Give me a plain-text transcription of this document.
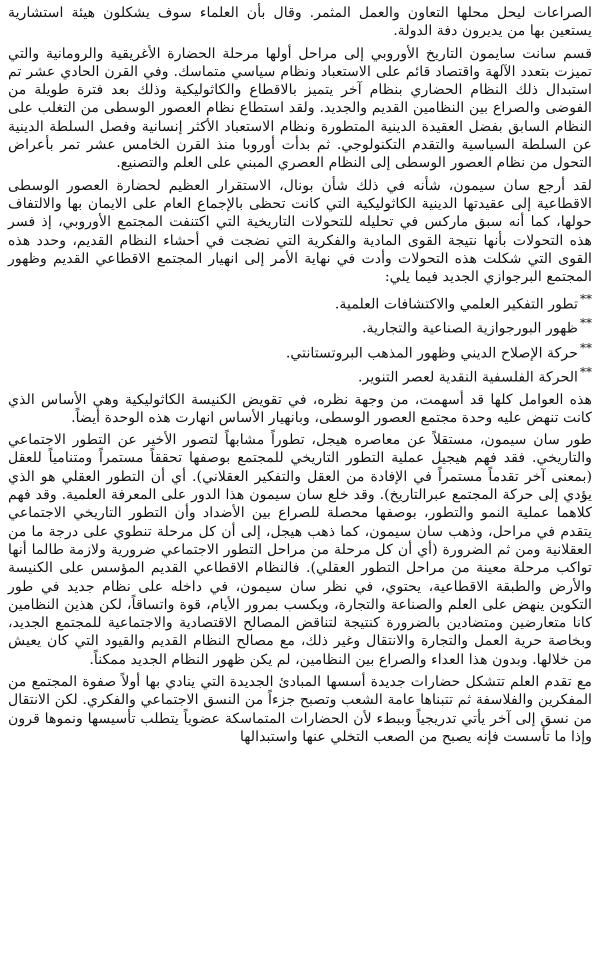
الصراعات ليحل محلها التعاون والعمل المثمر. وقال بأن العلماء سوف يشكلون هيئة استشارية يستعين بها من يديرون دفة الدولة.

قسم سانت سايمون التاريخ الأوروبي إلى مراحل أولها مرحلة الحضارة الأغريقية والرومانية والتي تميزت بتعدد الآلهة واقتصاد قائم على الاستعباد ونظام سياسي متماسك. وفي القرن الحادي عشر تم استبدال ذلك النظام الحضاري بنظام آخر يتميز بالاقطاع والكاثوليكية وذلك بعد فترة طويلة من الفوضى والصراع بين النظامين القديم والجديد. ولقد استطاع نظام العصور الوسطى من التغلب على النظام السابق بفضل العقيدة الدينية المتطورة ونظام الاستعباد الأكثر إنسانية وفصل السلطة الدينية عن السلطة السياسية والتقدم التكنولوجي. ثم بدأت أوروبا منذ القرن الخامس عشر تمر بأعراض التحول من نظام العصور الوسطى إلى النظام العصري المبني على العلم والتصنيع.

لقد أرجع سان سيمون، شأنه في ذلك شأن بونال، الاستقرار العظيم لحضارة العصور الوسطى الاقطاعية إلى عقيدتها الدينية الكاثوليكية التي كانت تحظى بالإجماع العام على الايمان بها والالتفاف حولها، كما أنه سبق ماركس في تحليله للتحولات التاريخية التي اكتنفت المجتمع الأوروبي، إذ فسر هذه التحولات بأنها نتيجة القوى المادية والفكرية التي نضجت في أحشاء النظام القديم، وحدد هذه القوى التي شكلت هذه التحولات وأدت في نهاية الأمر إلى انهيار المجتمع الاقطاعي القديم وظهور المجتمع البرجوازي الجديد فيما يلي:

**تطور التفكير العلمي والاكتشافات العلمية.
**ظهور البورجوازية الصناعية والتجارية.
**حركة الإصلاح الديني وظهور المذهب البروتستانتي.
**الحركة الفلسفية النقدية لعصر التنوير.

هذه العوامل كلها قد أسهمت، من وجهة نظره، في تقويض الكنيسة الكاثوليكية وهي الأساس الذي كانت تنهض عليه وحدة مجتمع العصور الوسطى، وبانهيار الأساس انهارت هذه الوحدة أيضاً.

طور سان سيمون، مستقلاً عن معاصره هيجل، تطوراً مشابهاً لتصور الأخير عن التطور الاجتماعي والتاريخي. فقد فهم هيجيل عملية التطور التاريخي للمجتمع بوصفها تحققاً مستمراً ومتنامياً للعقل (بمعنى آخر تقدماً مستمراً في الإفادة من العقل والتفكير العقلاني). أي أن التطور العقلي هو الذي يؤدي إلى حركة المجتمع عبرالتاريخ). وقد خلع سان سيمون هذا الدور على المعرفة العلمية. وقد فهم كلاهما عملية النمو والتطور، بوصفها محصلة للصراع بين الأضداد وأن التطور التاريخي الاجتماعي يتقدم في مراحل، وذهب سان سيمون، كما ذهب هيجل، إلى أن كل مرحلة تنطوي على درجة ما من العقلانية ومن ثم الضرورة (أي أن كل مرحلة من مراحل التطور الاجتماعي ضرورية ولازمة طالما أنها تواكب مرحلة معينة من مراحل التطور العقلي). فالنظام الاقطاعي القديم المؤسس على الكنيسة والأرض والطبقة الاقطاعية، يحتوي، في نظر سان سيمون، في داخله على نظام جديد في طور التكوين ينهض على العلم والصناعة والتجارة، ويكسب بمرور الأيام، قوة واتساقاً، لكن هذين النظامين كانا متعارضين ومتضادين بالضرورة كنتيجة لتناقض المصالح الاقتصادية والاجتماعية للمجتمع الجديد، وبخاصة حرية العمل والتجارة والانتقال وغير ذلك، مع مصالح النظام القديم والقيود التي كان يعيش من خلالها. وبدون هذا العداء والصراع بين النظامين، لم يكن ظهور النظام الجديد ممكناً.

مع تقدم العلم تتشكل حضارات جديدة أسسها المبادئ الجديدة التي ينادي بها أولاً صفوة المجتمع من المفكرين والفلاسفة ثم تتبناها عامة الشعب وتصبح جزءاً من النسق الاجتماعي والفكري. لكن الانتقال من نسق إلى آخر يأتي تدريجياً وببطء لأن الحضارات المتماسكة عضوياً يتطلب تأسيسها ونموها قرون وإذا ما تأسست فإنه يصبح من الصعب التخلي عنها واستبدالها
